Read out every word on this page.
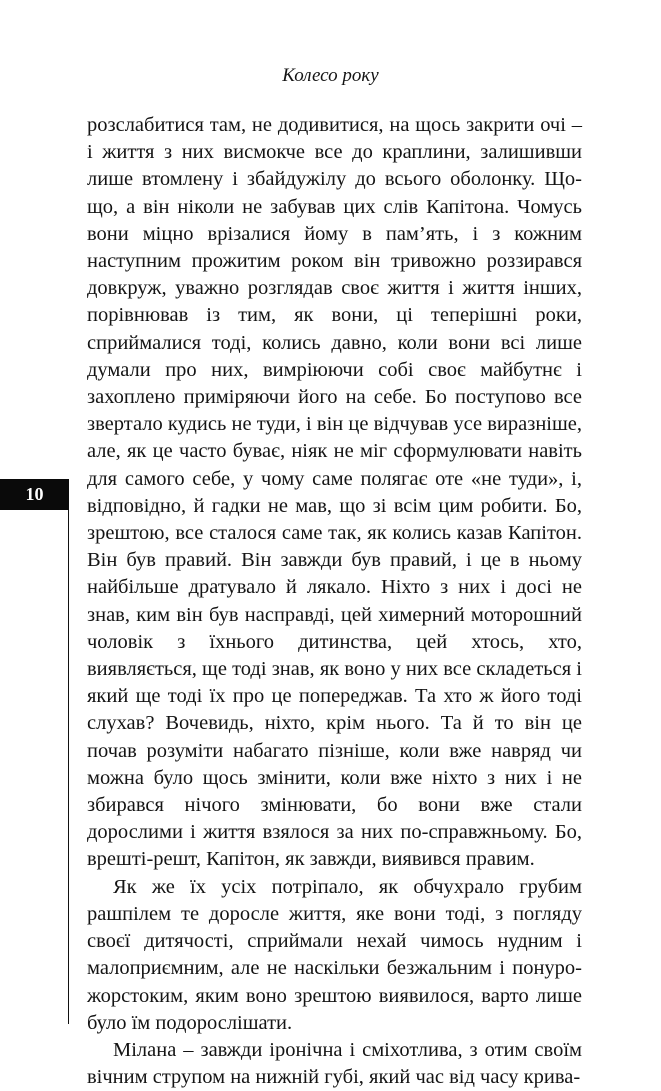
Колесо року
10

розслабитися там, не додивитися, на щось закрити очі – і життя з них висмокче все до краплини, залишивши лише втомлену і збайдужілу до всього оболонку. Що-що, а він ніколи не забував цих слів Капітона. Чомусь вони міцно врізалися йому в пам’ять, і з кожним наступним прожитим роком він тривожно роззирався довкруж, уважно розглядав своє життя і життя інших, порівнював із тим, як вони, ці теперішні роки, сприймалися тоді, колись давно, коли вони всі лише думали про них, вимріюючи собі своє майбутнє і захоплено приміряючи його на себе. Бо поступово все звертало кудись не туди, і він це відчував усе виразніше, але, як це часто буває, ніяк не міг сформулювати навіть для самого себе, у чому саме полягає оте «не туди», і, відповідно, й гадки не мав, що зі всім цим робити. Бо, зрештою, все сталося саме так, як колись казав Капітон. Він був правий. Він завжди був правий, і це в ньому найбільше дратувало й лякало. Ніхто з них і досі не знав, ким він був насправді, цей химерний моторошний чоловік з їхнього дитинства, цей хтось, хто, виявляється, ще тоді знав, як воно у них все складеться і який ще тоді їх про це попереджав. Та хто ж його тоді слухав? Вочевидь, ніхто, крім нього. Та й то він це почав розуміти набагато пізніше, коли вже навряд чи можна було щось змінити, коли вже ніхто з них і не збирався нічого змінювати, бо вони вже стали дорослими і життя взялося за них по-справжньому. Бо, врешті-решт, Капітон, як завжди, виявився правим.

Як же їх усіх потріпало, як обчухрало грубим рашпілем те доросле життя, яке вони тоді, з погляду своєї дитячості, сприймали нехай чимось нудним і малоприємним, але не наскільки безжальним і понуро-жорстоким, яким воно зрештою виявилося, варто лише було їм подорослішати.

Мілана – завжди іронічна і сміхотлива, з отим своїм вічним струпом на нижній губі, який час від часу крива-
